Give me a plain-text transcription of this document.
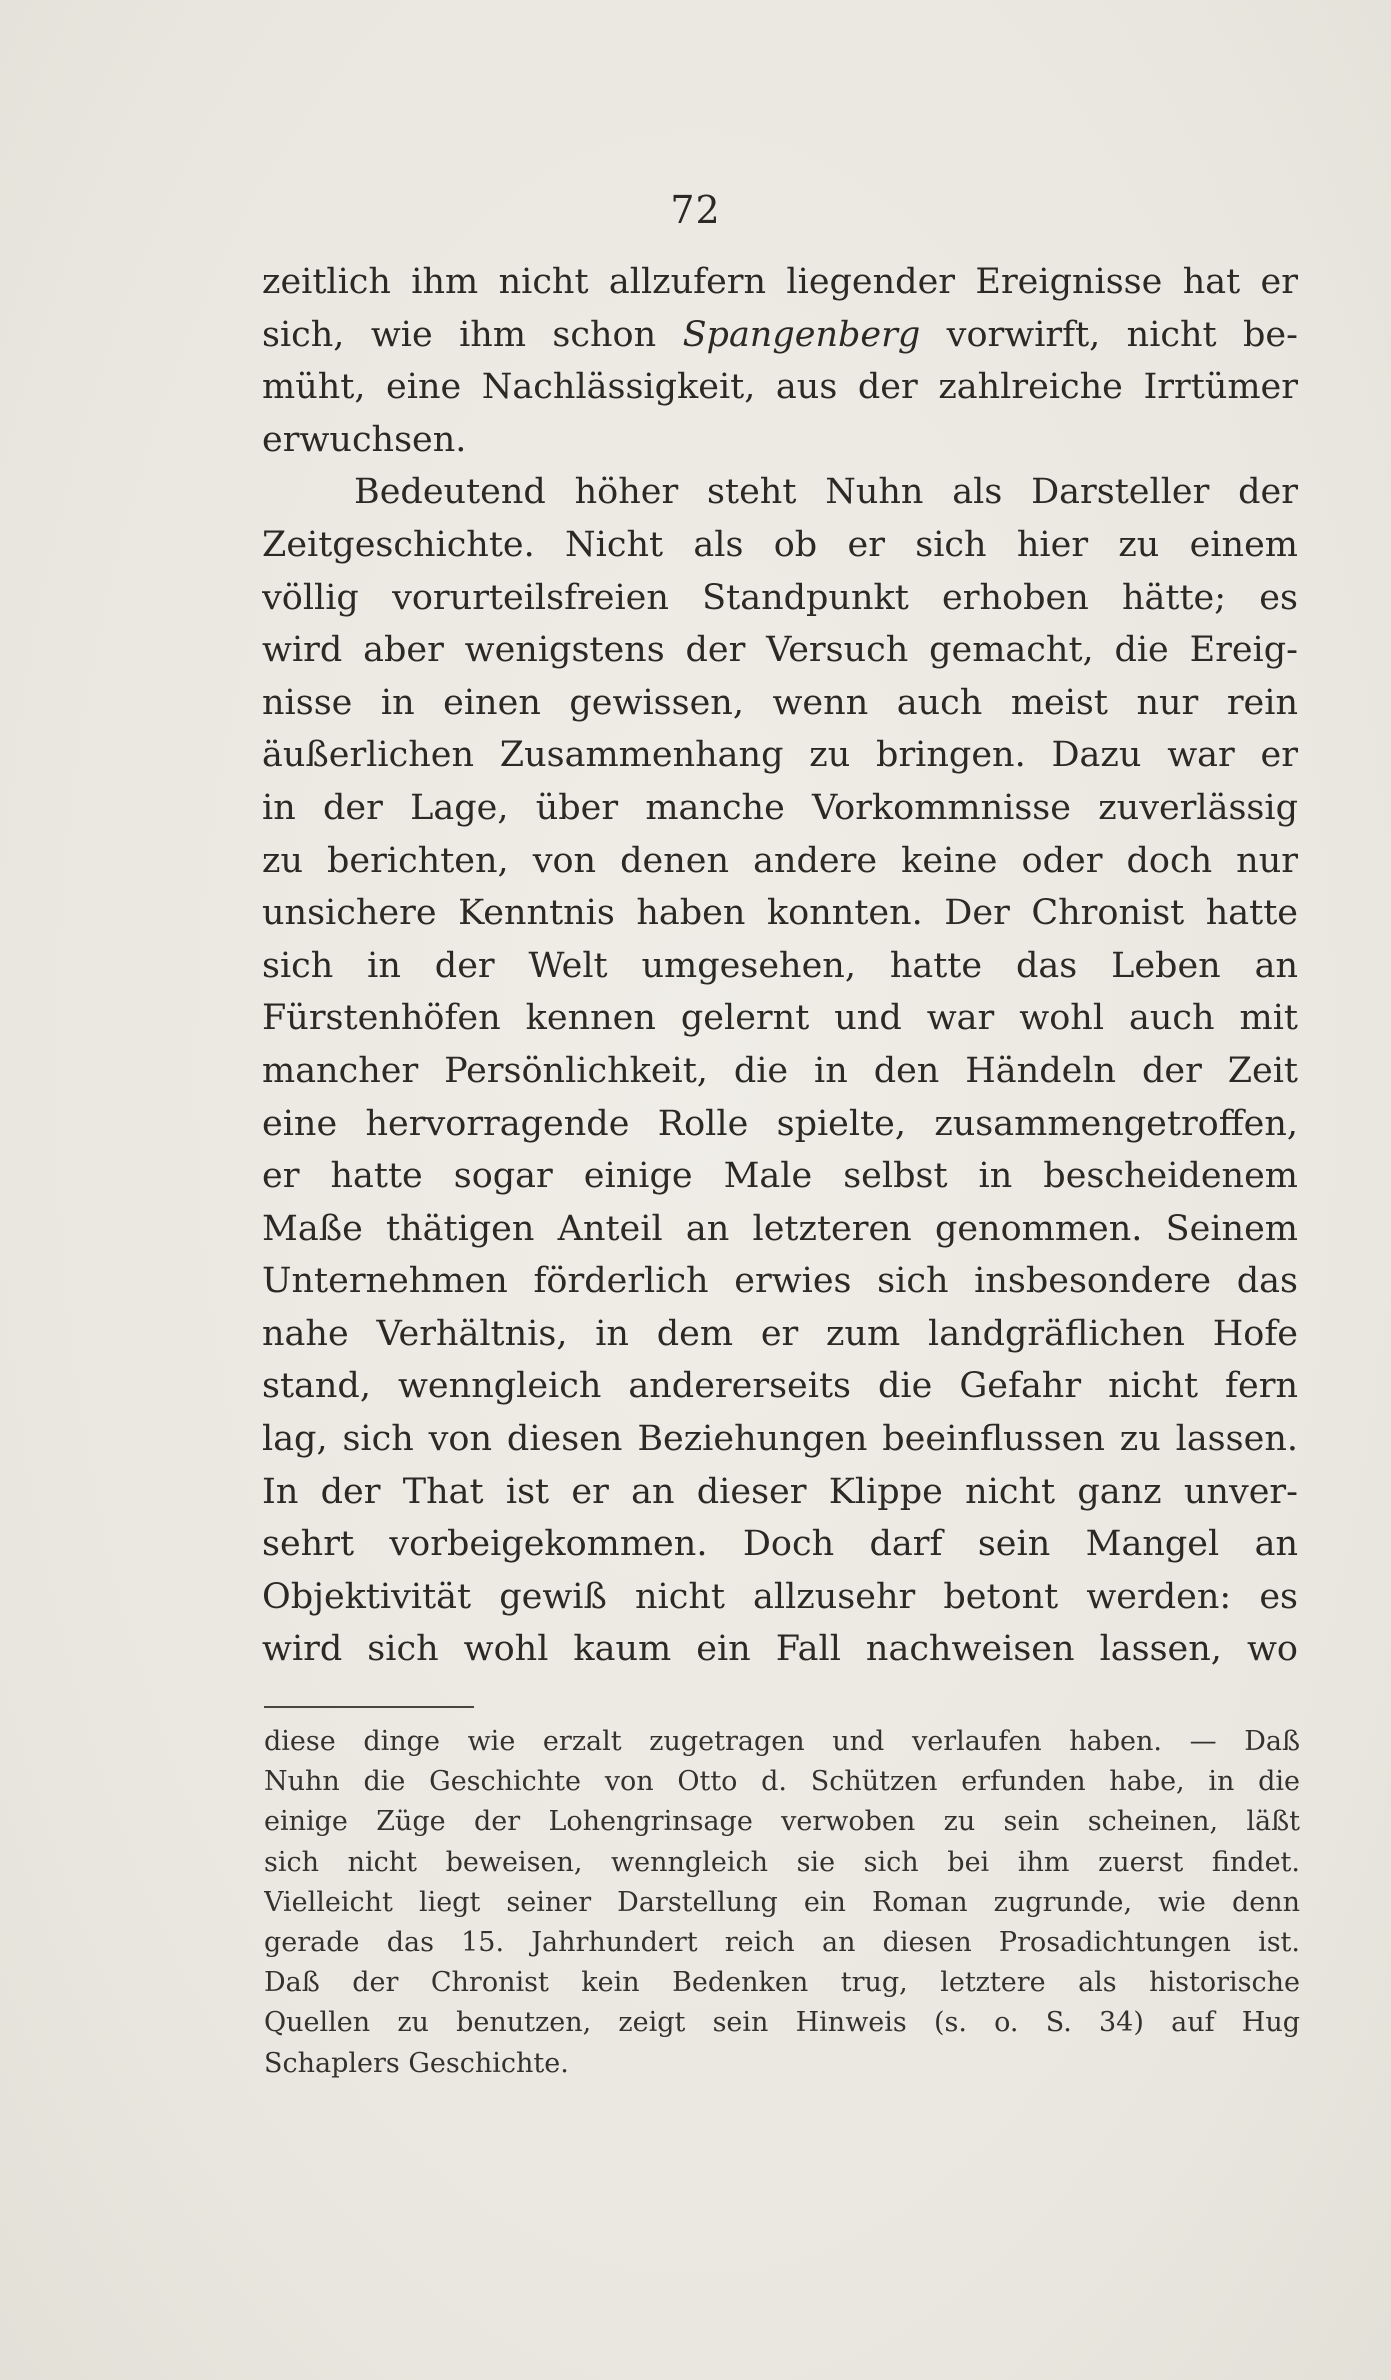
72
zeitlich ihm nicht allzufern liegender Ereignisse hat er
sich, wie ihm schon Spangenberg vorwirft, nicht be-
müht, eine Nachlässigkeit, aus der zahlreiche Irrtümer
erwuchsen.
Bedeutend höher steht Nuhn als Darsteller der
Zeitgeschichte. Nicht als ob er sich hier zu einem
völlig vorurteilsfreien Standpunkt erhoben hätte; es
wird aber wenigstens der Versuch gemacht, die Ereig-
nisse in einen gewissen, wenn auch meist nur rein
äußerlichen Zusammenhang zu bringen. Dazu war er
in der Lage, über manche Vorkommnisse zuverlässig
zu berichten, von denen andere keine oder doch nur
unsichere Kenntnis haben konnten. Der Chronist hatte
sich in der Welt umgesehen, hatte das Leben an
Fürstenhöfen kennen gelernt und war wohl auch mit
mancher Persönlichkeit, die in den Händeln der Zeit
eine hervorragende Rolle spielte, zusammengetroffen,
er hatte sogar einige Male selbst in bescheidenem
Maße thätigen Anteil an letzteren genommen. Seinem
Unternehmen förderlich erwies sich insbesondere das
nahe Verhältnis, in dem er zum landgräflichen Hofe
stand, wenngleich andererseits die Gefahr nicht fern
lag, sich von diesen Beziehungen beeinflussen zu lassen.
In der That ist er an dieser Klippe nicht ganz unver-
sehrt vorbeigekommen. Doch darf sein Mangel an
Objektivität gewiß nicht allzusehr betont werden: es
wird sich wohl kaum ein Fall nachweisen lassen, wo
diese dinge wie erzalt zugetragen und verlaufen haben. — Daß
Nuhn die Geschichte von Otto d. Schützen erfunden habe, in die
einige Züge der Lohengrinsage verwoben zu sein scheinen, läßt
sich nicht beweisen, wenngleich sie sich bei ihm zuerst findet.
Vielleicht liegt seiner Darstellung ein Roman zugrunde, wie denn
gerade das 15. Jahrhundert reich an diesen Prosadichtungen ist.
Daß der Chronist kein Bedenken trug, letztere als historische
Quellen zu benutzen, zeigt sein Hinweis (s. o. S. 34) auf Hug
Schaplers Geschichte.
